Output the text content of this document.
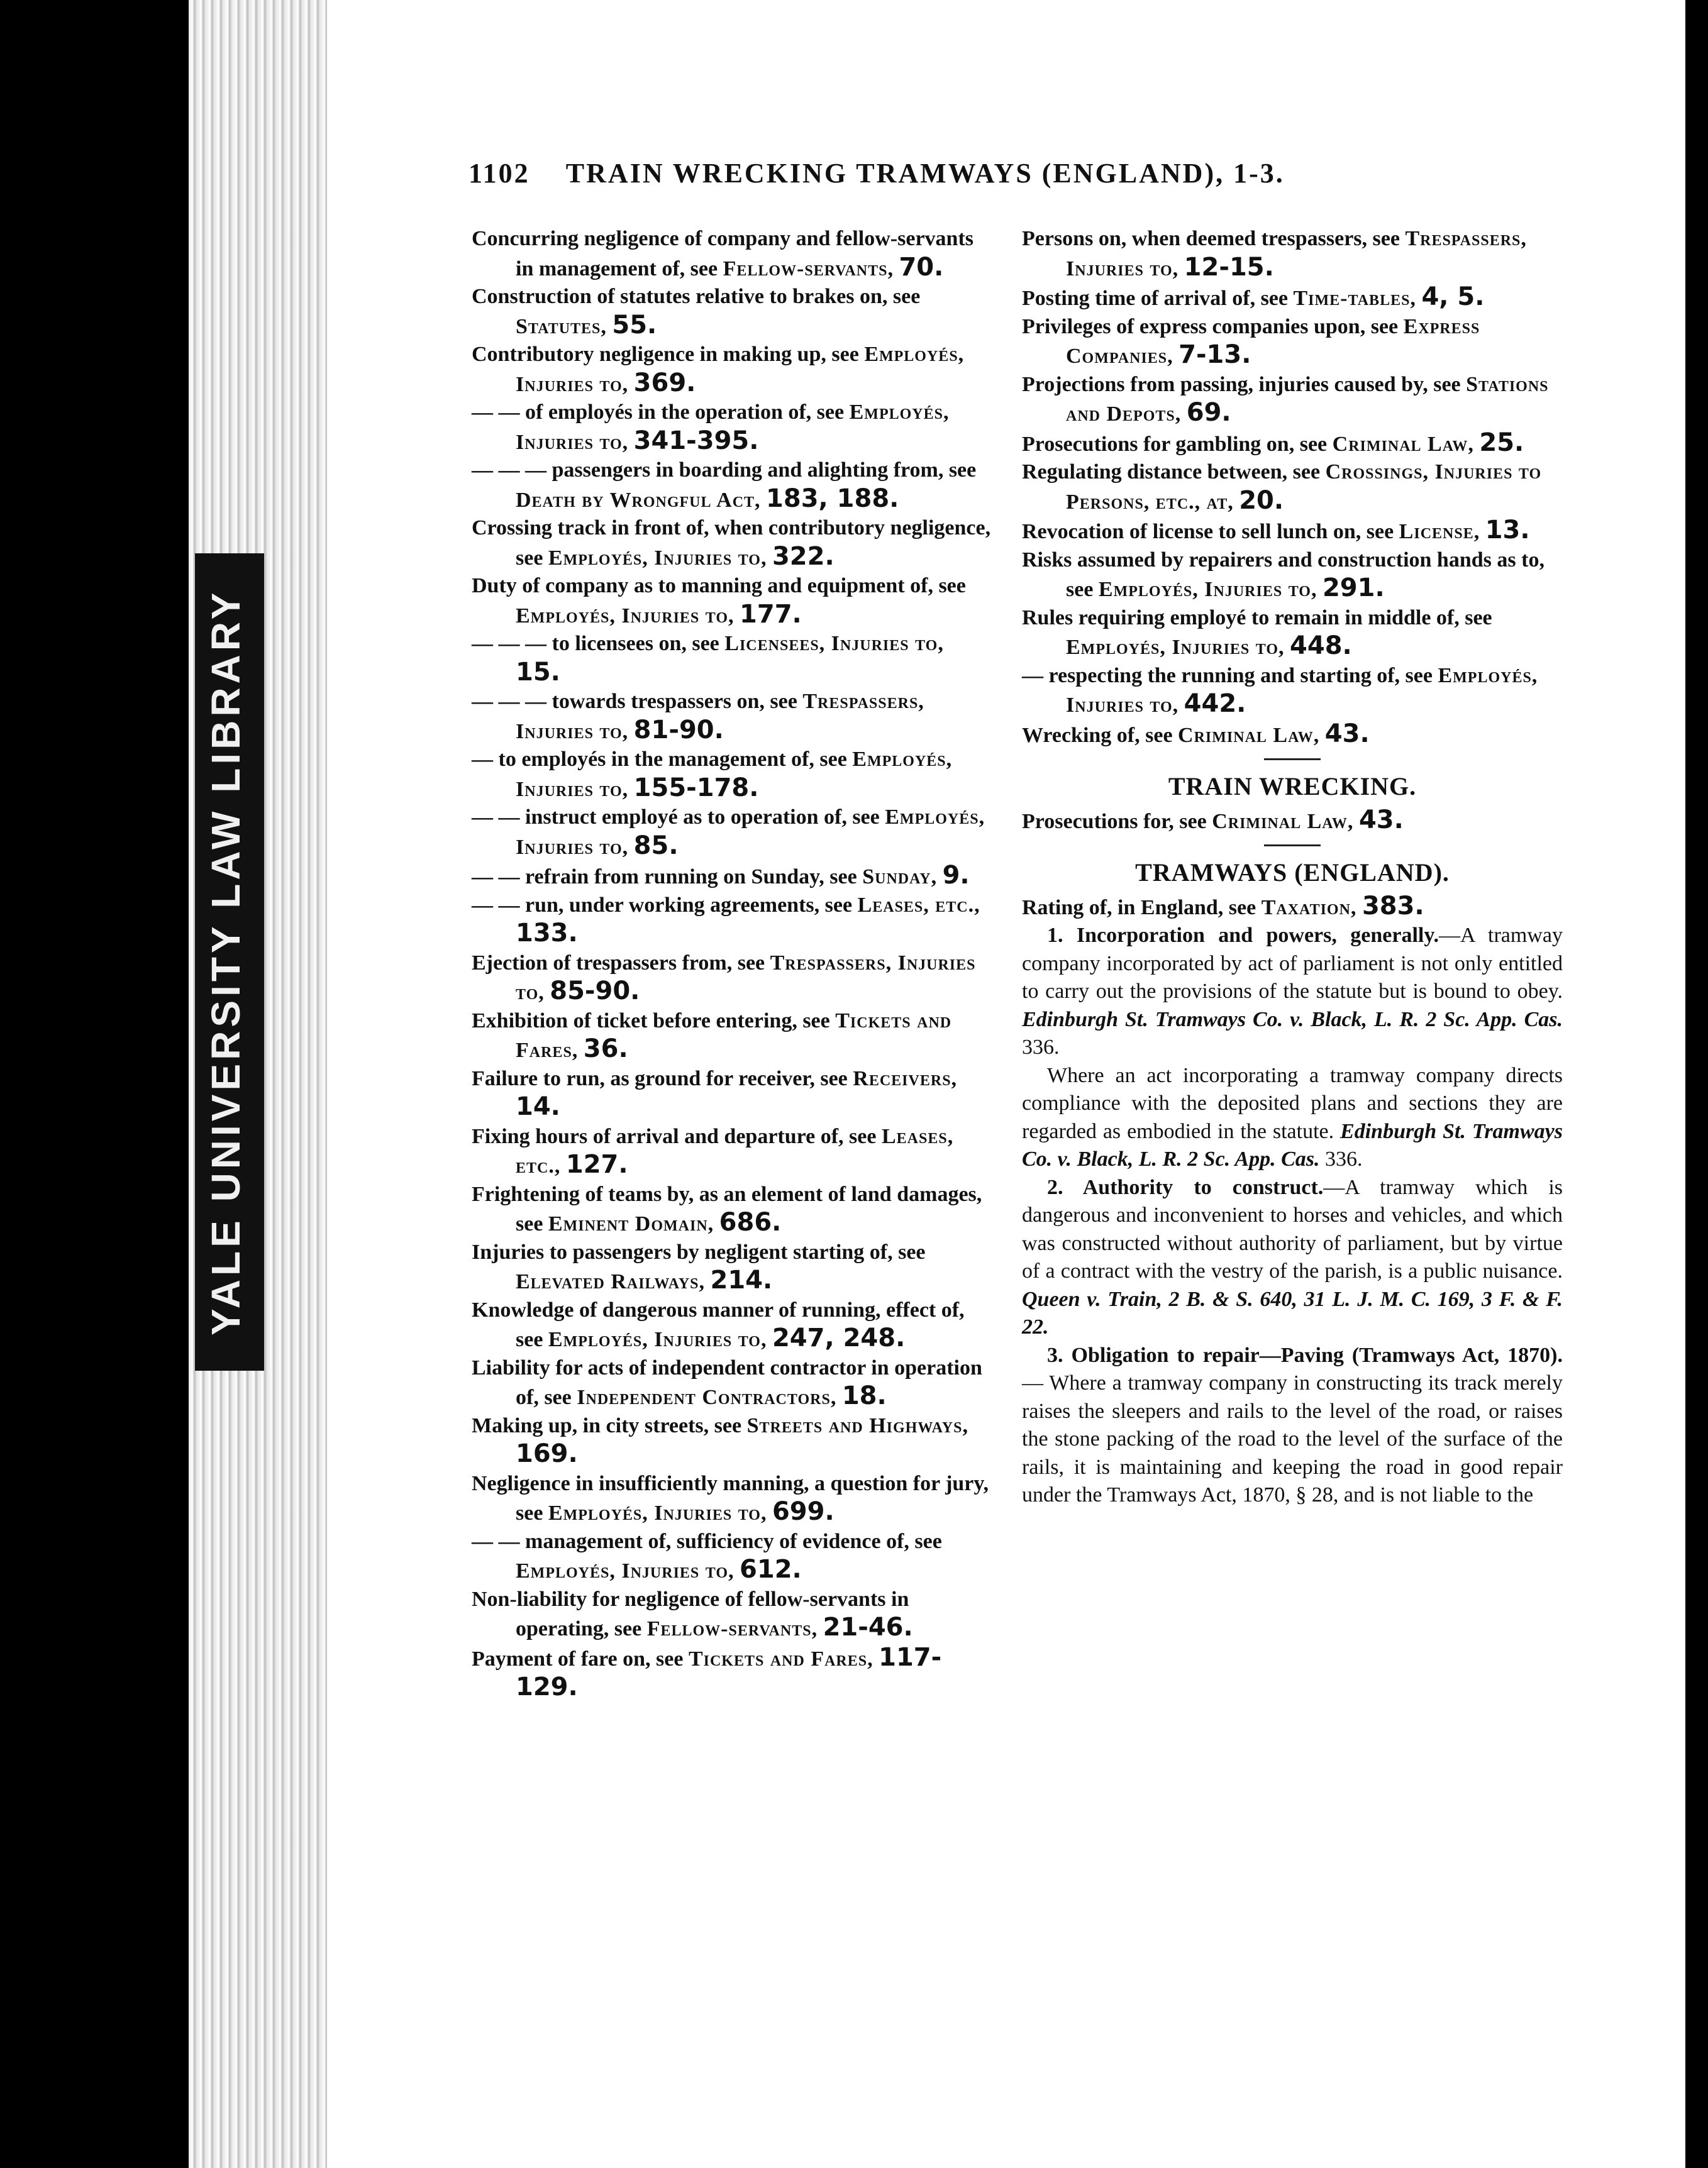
YALE UNIVERSITY LAW LIBRARY
1102 TRAIN WRECKING TRAMWAYS (ENGLAND), 1-3.

Concurring negligence of company and fellow-servants in management of, see Fellow-servants, 70.

Construction of statutes relative to brakes on, see Statutes, 55.

Contributory negligence in making up, see Employés, Injuries to, 369.

— — of employés in the operation of, see Employés, Injuries to, 341-395.

— — — passengers in boarding and alighting from, see Death by Wrongful Act, 183, 188.

Crossing track in front of, when contributory negligence, see Employés, Injuries to, 322.

Duty of company as to manning and equipment of, see Employés, Injuries to, 177.

— — — to licensees on, see Licensees, Injuries to, 15.

— — — towards trespassers on, see Trespassers, Injuries to, 81-90.

— to employés in the management of, see Employés, Injuries to, 155-178.

— — instruct employé as to operation of, see Employés, Injuries to, 85.

— — refrain from running on Sunday, see Sunday, 9.

— — run, under working agreements, see Leases, etc., 133.

Ejection of trespassers from, see Trespassers, Injuries to, 85-90.

Exhibition of ticket before entering, see Tickets and Fares, 36.

Failure to run, as ground for receiver, see Receivers, 14.

Fixing hours of arrival and departure of, see Leases, etc., 127.

Frightening of teams by, as an element of land damages, see Eminent Domain, 686.

Injuries to passengers by negligent starting of, see Elevated Railways, 214.

Knowledge of dangerous manner of running, effect of, see Employés, Injuries to, 247, 248.

Liability for acts of independent contractor in operation of, see Independent Contractors, 18.

Making up, in city streets, see Streets and Highways, 169.

Negligence in insufficiently manning, a question for jury, see Employés, Injuries to, 699.

— — management of, sufficiency of evidence of, see Employés, Injuries to, 612.

Non-liability for negligence of fellow-servants in operating, see Fellow-servants, 21-46.

Payment of fare on, see Tickets and Fares, 117-129.

Persons on, when deemed trespassers, see Trespassers, Injuries to, 12-15.

Posting time of arrival of, see Time-tables, 4, 5.

Privileges of express companies upon, see Express Companies, 7-13.

Projections from passing, injuries caused by, see Stations and Depots, 69.

Prosecutions for gambling on, see Criminal Law, 25.

Regulating distance between, see Crossings, Injuries to Persons, etc., at, 20.

Revocation of license to sell lunch on, see License, 13.

Risks assumed by repairers and construction hands as to, see Employés, Injuries to, 291.

Rules requiring employé to remain in middle of, see Employés, Injuries to, 448.

— respecting the running and starting of, see Employés, Injuries to, 442.

Wrecking of, see Criminal Law, 43.

TRAIN WRECKING.

Prosecutions for, see Criminal Law, 43.

TRAMWAYS (ENGLAND).

Rating of, in England, see Taxation, 383.

1. Incorporation and powers, generally.—A tramway company incorporated by act of parliament is not only entitled to carry out the provisions of the statute but is bound to obey. Edinburgh St. Tramways Co. v. Black, L. R. 2 Sc. App. Cas. 336.

Where an act incorporating a tramway company directs compliance with the deposited plans and sections they are regarded as embodied in the statute. Edinburgh St. Tramways Co. v. Black, L. R. 2 Sc. App. Cas. 336.

2. Authority to construct.—A tramway which is dangerous and inconvenient to horses and vehicles, and which was constructed without authority of parliament, but by virtue of a contract with the vestry of the parish, is a public nuisance. Queen v. Train, 2 B. & S. 640, 31 L. J. M. C. 169, 3 F. & F. 22.

3. Obligation to repair—Paving (Tramways Act, 1870). — Where a tramway company in constructing its track merely raises the sleepers and rails to the level of the road, or raises the stone packing of the road to the level of the surface of the rails, it is maintaining and keeping the road in good repair under the Tramways Act, 1870, § 28, and is not liable to the
